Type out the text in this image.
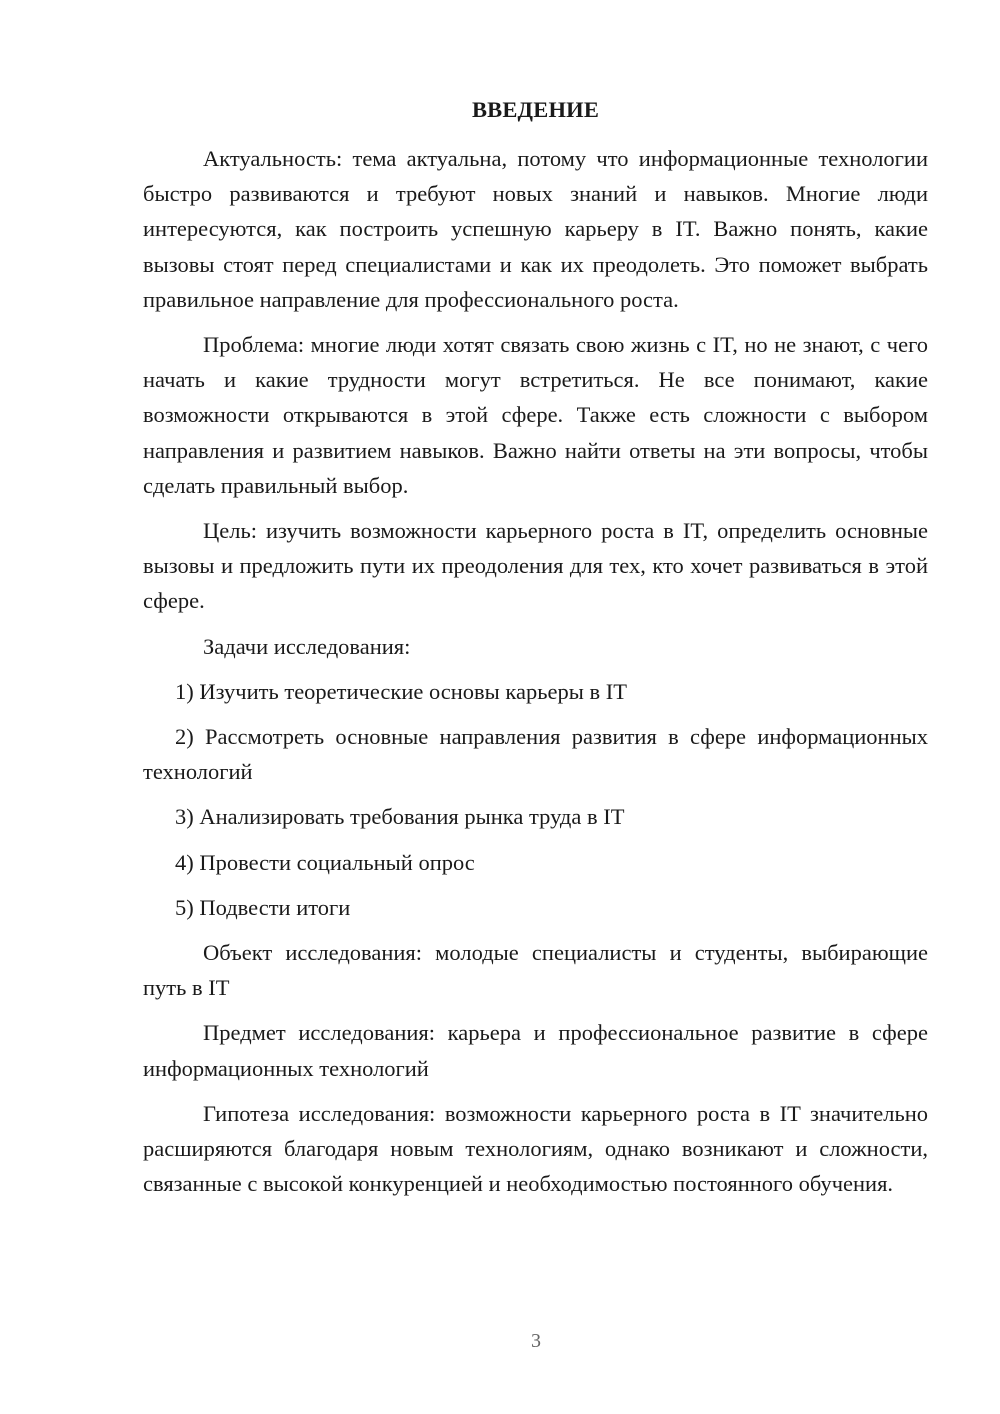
ВВЕДЕНИЕ

Актуальность: тема актуальна, потому что информационные технологии быстро развиваются и требуют новых знаний и навыков. Многие люди интересуются, как построить успешную карьеру в IT. Важно понять, какие вызовы стоят перед специалистами и как их преодолеть. Это поможет выбрать правильное направление для профессионального роста.

Проблема: многие люди хотят связать свою жизнь с IT, но не знают, с чего начать и какие трудности могут встретиться. Не все понимают, какие возможности открываются в этой сфере. Также есть сложности с выбором направления и развитием навыков. Важно найти ответы на эти вопросы, чтобы сделать правильный выбор.

Цель: изучить возможности карьерного роста в IT, определить основные вызовы и предложить пути их преодоления для тех, кто хочет развиваться в этой сфере.

Задачи исследования:

1) Изучить теоретические основы карьеры в IT

2) Рассмотреть основные направления развития в сфере информационных технологий

3) Анализировать требования рынка труда в IT

4) Провести социальный опрос

5) Подвести итоги

Объект исследования: молодые специалисты и студенты, выбирающие путь в IT

Предмет исследования: карьера и профессиональное развитие в сфере информационных технологий

Гипотеза исследования: возможности карьерного роста в IT значительно расширяются благодаря новым технологиям, однако возникают и сложности, связанные с высокой конкуренцией и необходимостью постоянного обучения.

3
